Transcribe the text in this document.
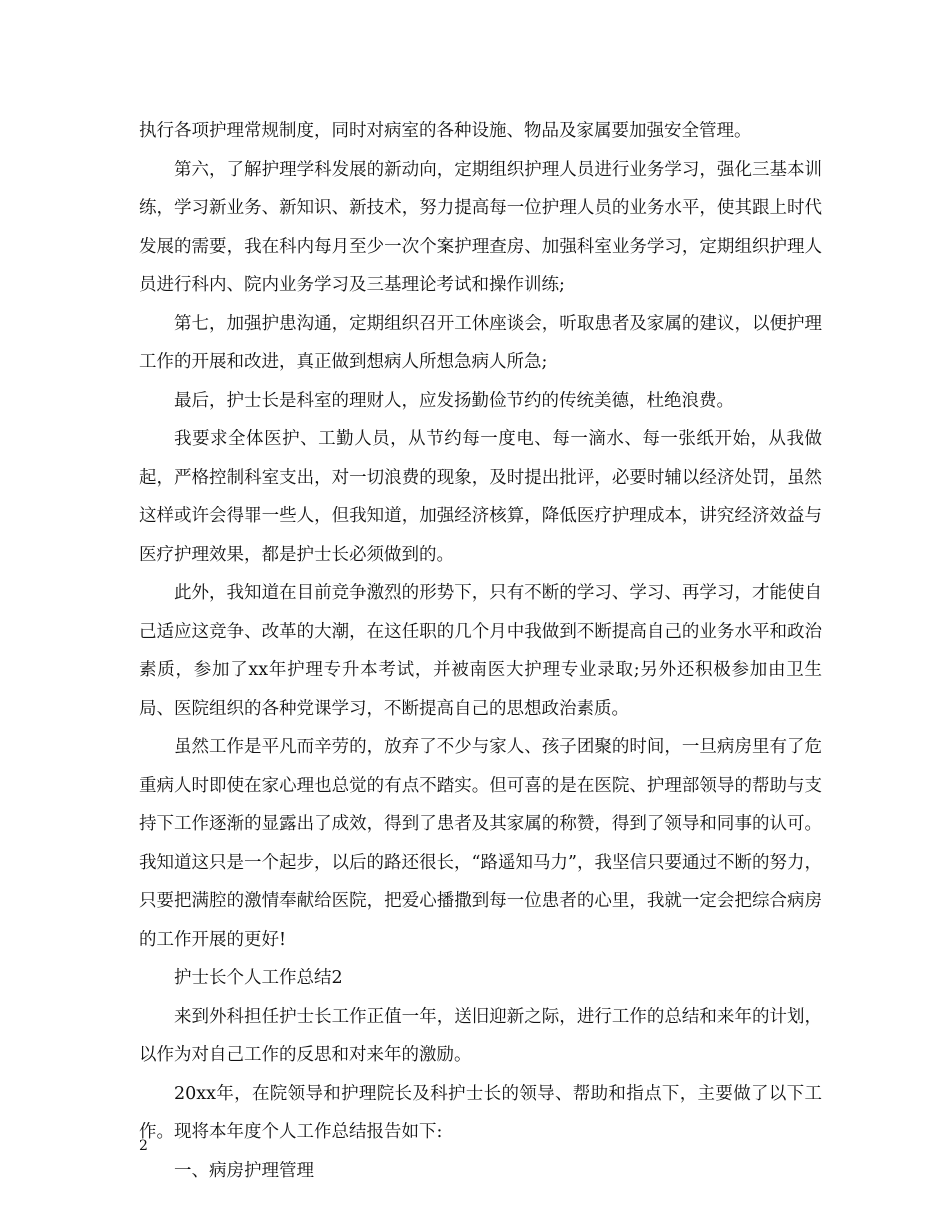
执行各项护理常规制度，同时对病室的各种设施、物品及家属要加强安全管理。

第六，了解护理学科发展的新动向，定期组织护理人员进行业务学习，强化三基本训练，学习新业务、新知识、新技术，努力提高每一位护理人员的业务水平，使其跟上时代发展的需要，我在科内每月至少一次个案护理查房、加强科室业务学习，定期组织护理人员进行科内、院内业务学习及三基理论考试和操作训练;

第七，加强护患沟通，定期组织召开工休座谈会，听取患者及家属的建议，以便护理工作的开展和改进，真正做到想病人所想急病人所急;

最后，护士长是科室的理财人，应发扬勤俭节约的传统美德，杜绝浪费。

我要求全体医护、工勤人员，从节约每一度电、每一滴水、每一张纸开始，从我做起，严格控制科室支出，对一切浪费的现象，及时提出批评，必要时辅以经济处罚，虽然这样或许会得罪一些人，但我知道，加强经济核算，降低医疗护理成本，讲究经济效益与医疗护理效果，都是护士长必须做到的。

此外，我知道在目前竞争激烈的形势下，只有不断的学习、学习、再学习，才能使自己适应这竞争、改革的大潮，在这任职的几个月中我做到不断提高自己的业务水平和政治素质，参加了xx年护理专升本考试，并被南医大护理专业录取;另外还积极参加由卫生局、医院组织的各种党课学习，不断提高自己的思想政治素质。

虽然工作是平凡而辛劳的，放弃了不少与家人、孩子团聚的时间，一旦病房里有了危重病人时即使在家心理也总觉的有点不踏实。但可喜的是在医院、护理部领导的帮助与支持下工作逐渐的显露出了成效，得到了患者及其家属的称赞，得到了领导和同事的认可。我知道这只是一个起步，以后的路还很长，“路遥知马力”，我坚信只要通过不断的努力，只要把满腔的激情奉献给医院，把爱心播撒到每一位患者的心里，我就一定会把综合病房的工作开展的更好!

护士长个人工作总结2

来到外科担任护士长工作正值一年，送旧迎新之际，进行工作的总结和来年的计划，以作为对自己工作的反思和对来年的激励。

20xx年，在院领导和护理院长及科护士长的领导、帮助和指点下，主要做了以下工作。现将本年度个人工作总结报告如下:

一、病房护理管理

2
